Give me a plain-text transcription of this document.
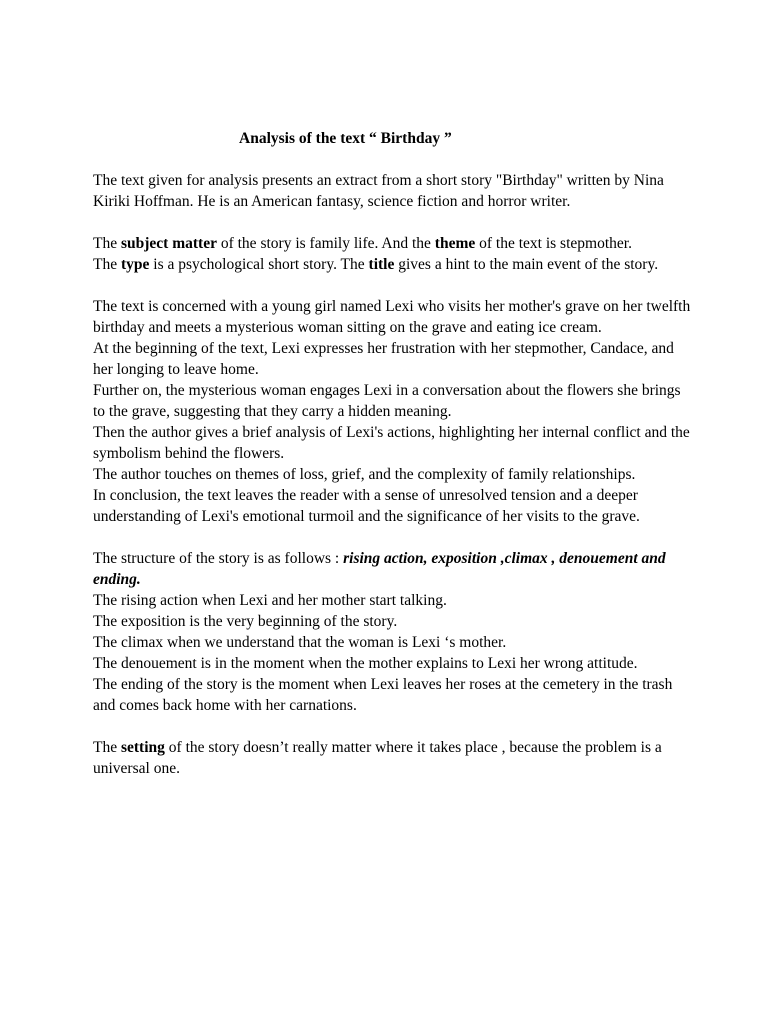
Analysis of the text “ Birthday ”

The text given for analysis presents an extract from a short story "Birthday" written by Nina Kiriki Hoffman. He is an American fantasy, science fiction and horror writer.

The subject matter of the story is family life. And the theme of the text is stepmother.

The type is a psychological short story. The title gives a hint to the main event of the story.

The text is concerned with a young girl named Lexi who visits her mother's grave on her twelfth birthday and meets a mysterious woman sitting on the grave and eating ice cream.

At the beginning of the text, Lexi expresses her frustration with her stepmother, Candace, and her longing to leave home.

Further on, the mysterious woman engages Lexi in a conversation about the flowers she brings to the grave, suggesting that they carry a hidden meaning.

Then the author gives a brief analysis of Lexi's actions, highlighting her internal conflict and the symbolism behind the flowers.

The author touches on themes of loss, grief, and the complexity of family relationships.

In conclusion, the text leaves the reader with a sense of unresolved tension and a deeper understanding of Lexi's emotional turmoil and the significance of her visits to the grave.

The structure of the story is as follows : rising action, exposition ,climax , denouement and ending.

The rising action when Lexi and her mother start talking.

The exposition is the very beginning of the story.

The climax when we understand that the woman is Lexi ‘s mother.

The denouement is in the moment when the mother explains to Lexi her wrong attitude.

The ending of the story is the moment when Lexi leaves her roses at the cemetery in the trash and comes back home with her carnations.

The setting of the story doesn’t really matter where it takes place , because the problem is a universal one.
